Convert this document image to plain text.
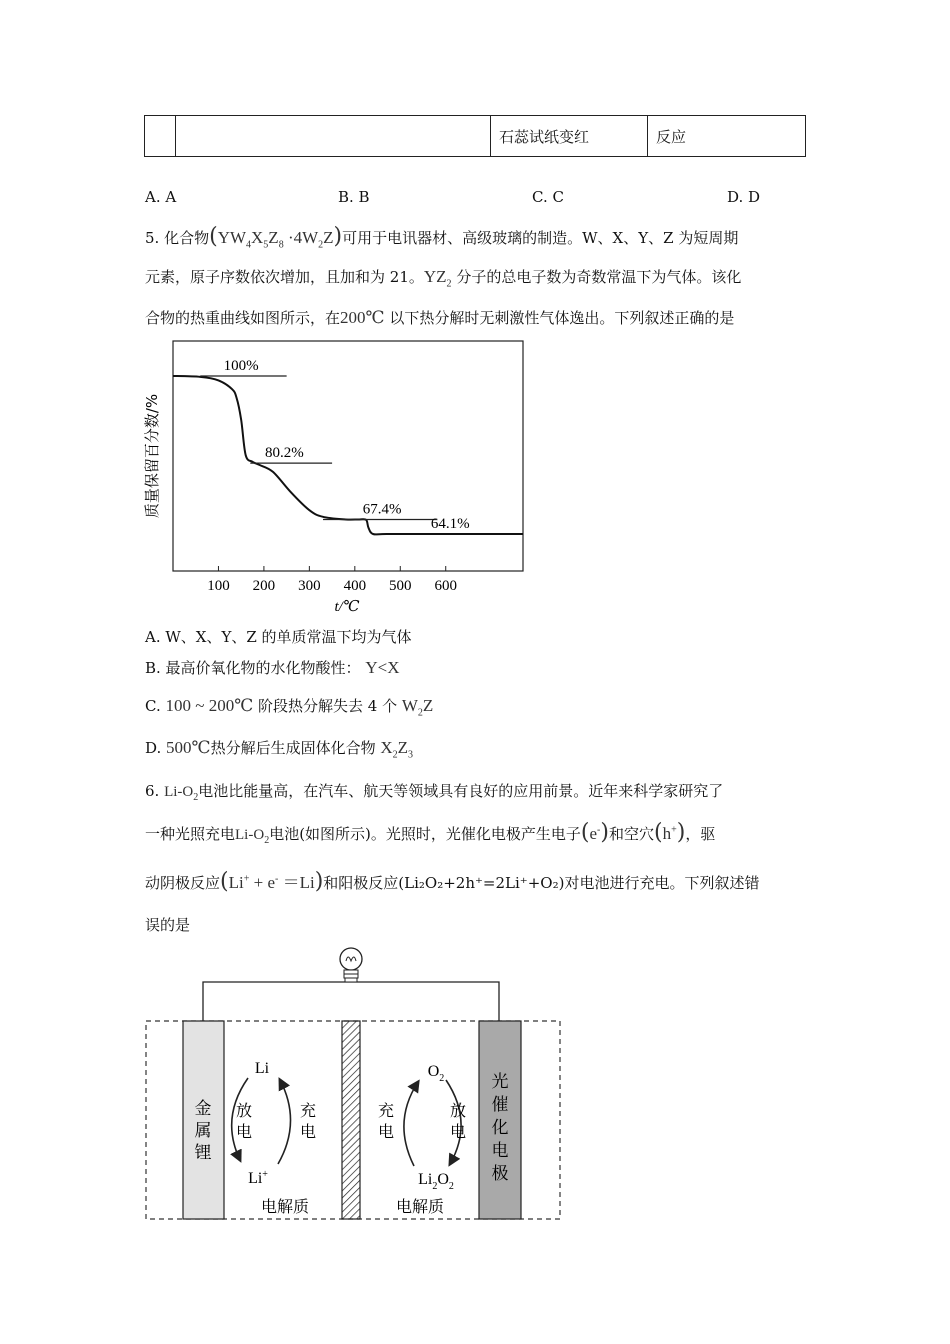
		石蕊试纸变红	反应
A. A	B. B	C. C	D. D
5. 化合物$(YW_4X_5Z_8 \cdot 4W_2Z)$可用于电讯器材、高级玻璃的制造。W、X、Y、Z 为短周期
元素，原子序数依次增加，且加和为 21。$YZ_2$ 分子的总电子数为奇数常温下为气体。该化
合物的热重曲线如图所示，在200℃ 以下热分解时无刺激性气体逸出。下列叙述正确的是
100 200 300 400 500 600
100%
80.2%
67.4%
64.1%
t/℃
质量保留百分数/%
A. W、X、Y、Z 的单质常温下均为气体
B. 最高价氧化物的水化物酸性： Y<X
C. 100 ~ 200℃ 阶段热分解失去 4 个 $W_2Z$
D. 500℃热分解后生成固体化合物 $X_2Z_3$
6. $Li-O_2$电池比能量高，在汽车、航天等领域具有良好的应用前景。近年来科学家研究了
一种光照充电$Li-O_2$电池(如图所示)。光照时，光催化电极产生电子(e-)和空穴(h+)，驱
动阴极反应(Li+ + e- ＝Li)和阳极反应(Li₂O₂+2h⁺=2Li⁺+O₂)对电池进行充电。下列叙述错
误的是
金
属
锂
光
催
化
电
极
Li
Li+
放
电
充
电
$O_2$
$Li_2O_2$
充
电
放
电
电解质	电解质
